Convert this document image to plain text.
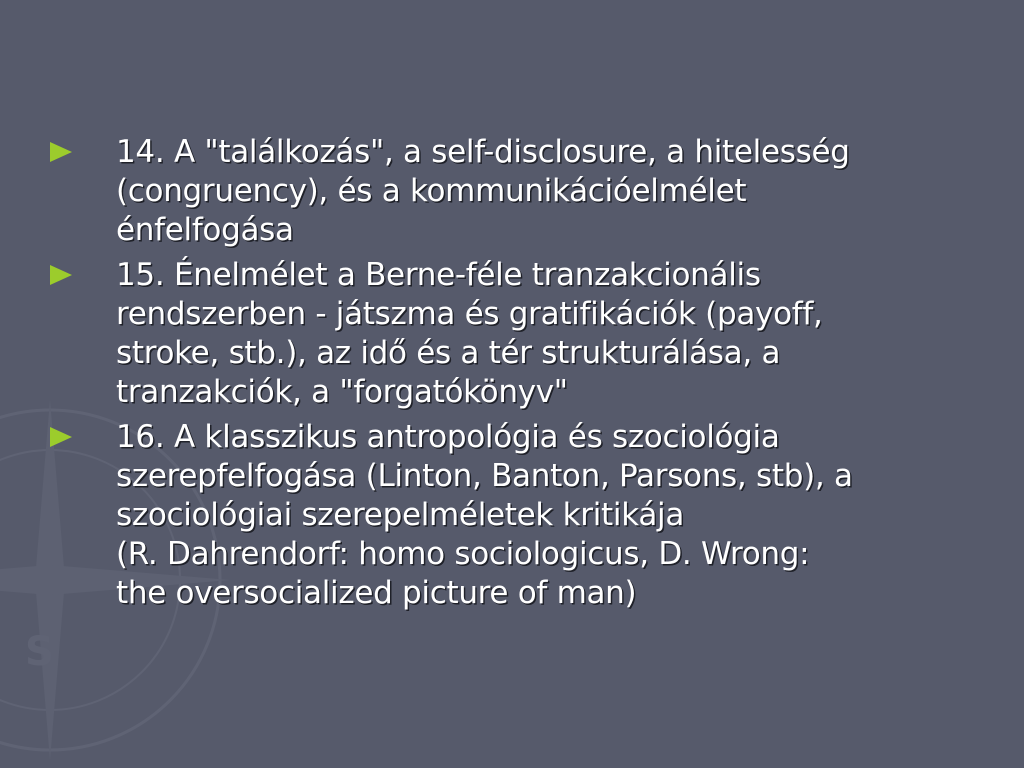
S
14. A "találkozás", a self-disclosure, a hitelesség
(congruency), és a kommunikációelmélet
énfelfogása
15. Énelmélet a Berne-féle tranzakcionális
rendszerben - játszma és gratifikációk (payoff,
stroke, stb.), az idő és a tér strukturálása, a
tranzakciók, a "forgatókönyv"
16. A klasszikus antropológia és szociológia
szerepfelfogása (Linton, Banton, Parsons, stb), a
szociológiai szerepelméletek kritikája
(R. Dahrendorf: homo sociologicus, D. Wrong:
the oversocialized picture of man)
